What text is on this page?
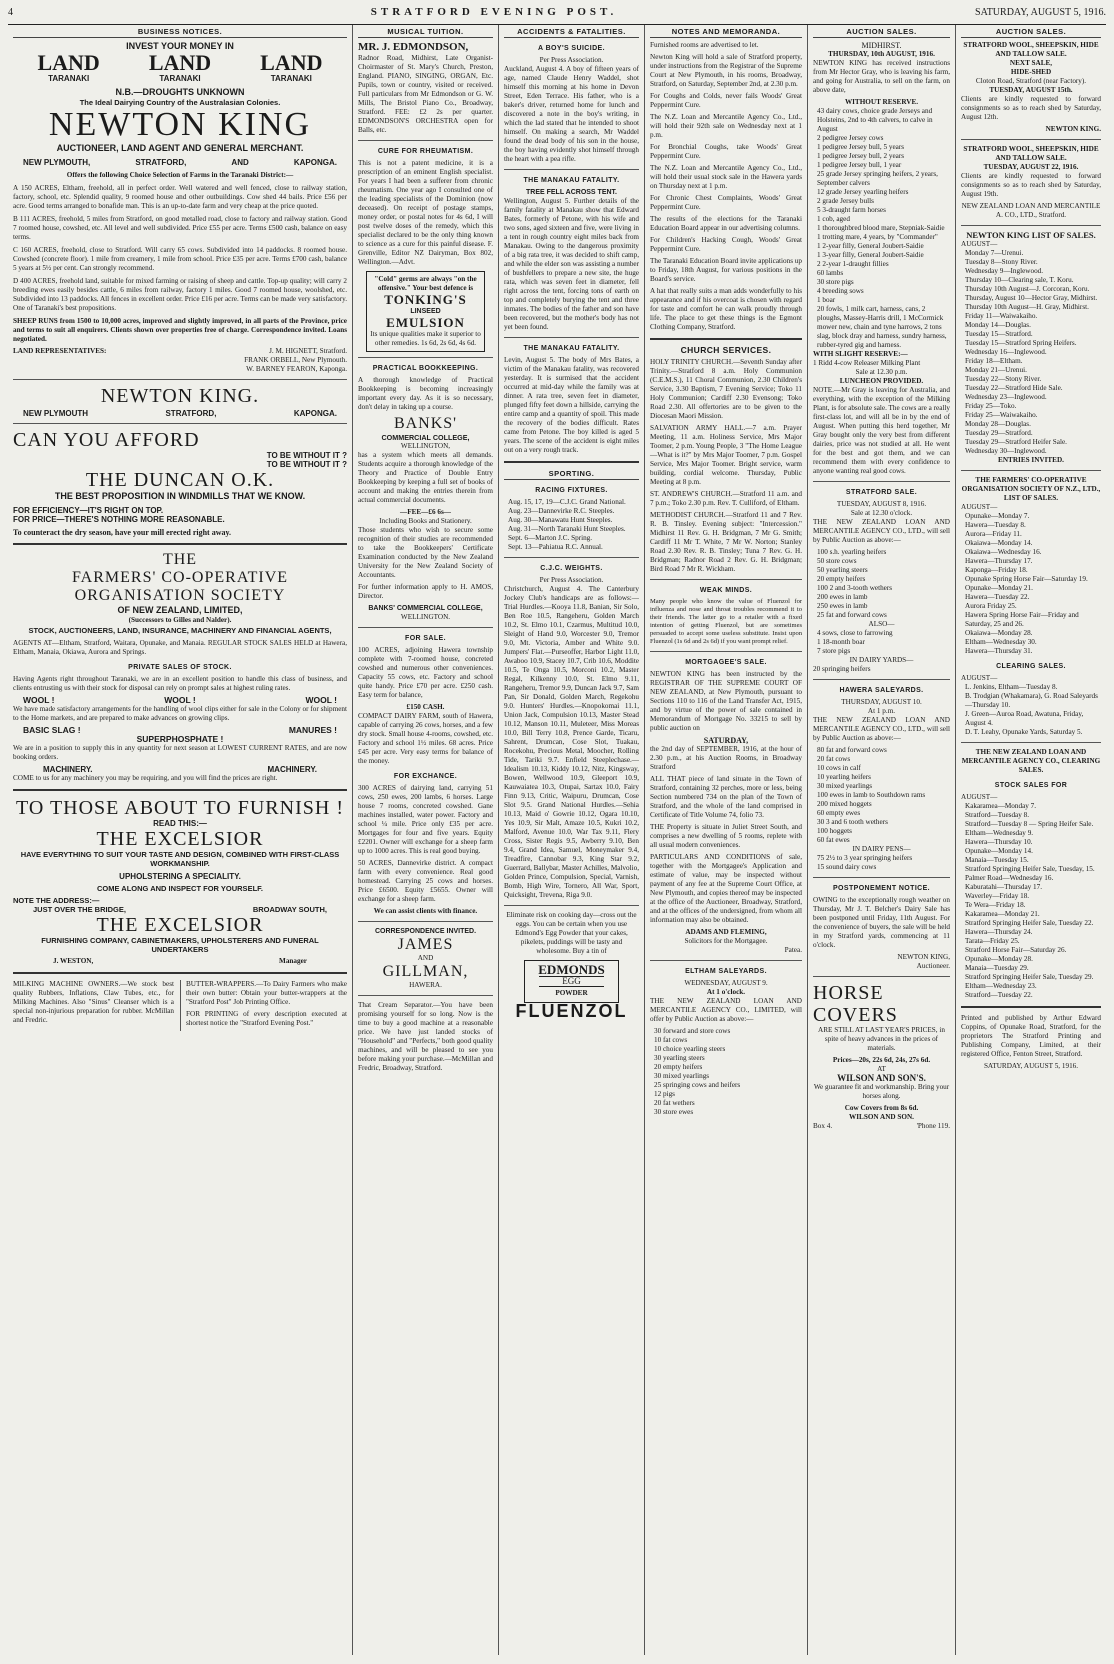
4	STRATFORD EVENING POST.	SATURDAY, AUGUST 5, 1916.
BUSINESS NOTICES.
INVEST YOUR MONEY IN
LAND LAND LAND
TARANAKI	TARANAKI	TARANAKI
N.B.—DROUGHTS UNKNOWN
The Ideal Dairying Country of the Australasian Colonies.
NEWTON KING
AUCTIONEER, LAND AGENT AND GENERAL MERCHANT.
NEW PLYMOUTH,	STRATFORD,	AND	KAPONGA.
Offers the following Choice Selection of Farms in the Taranaki District:—

A 150 ACRES, Eltham, freehold, all in perfect order. Well watered and well fenced, close to railway station, factory, school, etc. Splendid quality, 9 roomed house and other outbuildings. Cow shed 44 bails. Price £56 per acre. Good terms arranged to bonafide man. This is an up-to-date farm and very cheap at the price quoted.

B 111 ACRES, freehold, 5 miles from Stratford, on good metalled road, close to factory and railway station. Good 7 roomed house, cowshed, etc. All level and well subdivided. Price £55 per acre. Terms £500 cash, balance on easy terms.

C 160 ACRES, freehold, close to Stratford. Will carry 65 cows. Subdivided into 14 paddocks. 8 roomed house. Cowshed (concrete floor). 1 mile from creamery, 1 mile from school. Price £35 per acre. Terms £700 cash, balance 5 years at 5½ per cent. Can strongly recommend.

D 400 ACRES, freehold land, suitable for mixed farming or raising of sheep and cattle. Top-up quality; will carry 2 breeding ewes easily besides cattle, 6 miles from railway, factory 1 miles. Good 7 roomed house, woolshed, etc. Subdivided into 13 paddocks. All fences in excellent order. Price £16 per acre. Terms can be made very satisfactory. One of Taranaki's best propositions.

SHEEP RUNS from 1500 to 10,000 acres, improved and slightly improved, in all parts of the Province, price and terms to suit all enquirers. Clients shown over properties free of charge. Correspondence invited. Loans negotiated.

LAND REPRESENTATIVES:	J. M. HIGNETT, Stratford.
FRANK ORBELL, New Plymouth.
W. BARNEY FEARON, Kaponga.
NEWTON KING.
NEW PLYMOUTH	STRATFORD,	KAPONGA.
CAN YOU AFFORD
TO BE WITHOUT IT ?
TO BE WITHOUT IT ?
THE DUNCAN O.K.
THE BEST PROPOSITION IN WINDMILLS THAT WE KNOW.
FOR EFFICIENCY—IT'S RIGHT ON TOP.
FOR PRICE—THERE'S NOTHING MORE REASONABLE.
To counteract the dry season, have your mill erected right away.
THE
FARMERS' CO-OPERATIVE ORGANISATION SOCIETY
OF NEW ZEALAND, LIMITED,
(Successors to Gilles and Nalder).
STOCK, AUCTIONEERS, LAND, INSURANCE, MACHINERY AND FINANCIAL AGENTS,

AGENTS AT—Eltham, Stratford, Waitara, Opunake, and Manaia. REGULAR STOCK SALES HELD at Hawera, Eltham, Manaia, Okiawa, Aurora and Springs.

PRIVATE SALES OF STOCK.

Having Agents right throughout Taranaki, we are in an excellent position to handle this class of business, and clients entrusting us with their stock for disposal can rely on prompt sales at highest ruling rates.

WOOL !	WOOL !	WOOL !

We have made satisfactory arrangements for the handling of wool clips either for sale in the Colony or for shipment to the Home markets, and are prepared to make advances on growing clips.

BASIC SLAG !	MANURES !
SUPERPHOSPHATE !

We are in a position to supply this in any quantity for next season at LOWEST CURRENT RATES, and are now booking orders.

MACHINERY.	MACHINERY.

COME to us for any machinery you may be requiring, and you will find the prices are right.

TO THOSE ABOUT TO FURNISH !
READ THIS:—
THE EXCELSIOR
HAVE EVERYTHING TO SUIT YOUR TASTE AND DESIGN, COMBINED WITH FIRST-CLASS WORKMANSHIP.
UPHOLSTERING A SPECIALITY.
COME ALONG AND INSPECT FOR YOURSELF.
NOTE THE ADDRESS:—
JUST OVER THE BRIDGE,	BROADWAY SOUTH,
THE EXCELSIOR
FURNISHING COMPANY, CABINETMAKERS, UPHOLSTERERS AND FUNERAL UNDERTAKERS
J. WESTON,	Manager

MILKING MACHINE OWNERS.—We stock best quality Rubbers, Inflations, Claw Tubes, etc., for Milking Machines. Also "Sinus" Cleanser which is a special non-injurious preparation for rubber. McMillan and Fredric.

BUTTER-WRAPPERS.—To Dairy Farmers who make their own butter: Obtain your butter-wrappers at the "Stratford Post" Job Printing Office.

FOR PRINTING of every description executed at shortest notice the "Stratford Evening Post."

MUSICAL TUITION.
MR. J. EDMONDSON,

Radnor Road, Midhirst, Late Organist-Choirmaster of St. Mary's Church, Preston, England. PIANO, SINGING, ORGAN, Etc. Pupils, town or country, visited or received. Full particulars from Mr Edmondson or G. W. Mills, The Bristol Piano Co., Broadway, Stratford. FEE: £2 2s per quarter. EDMONDSON'S ORCHESTRA open for Balls, etc.

CURE FOR RHEUMATISM.

This is not a patent medicine, it is a prescription of an eminent English specialist. For years I had been a sufferer from chronic rheumatism. One year ago I consulted one of the leading specialists of the Dominion (now deceased). On receipt of postage stamps, money order, or postal notes for 4s 6d, I will post twelve doses of the remedy, which this specialist declared to be the only thing known to science as a cure for this painful disease. F. Grenville, Editor NZ Dairyman, Box 802, Wellington.—Advt.

"Cold" germs are always "on the offensive." Your best defence is
TONKING'S
LINSEED
EMULSION
Its unique qualities make it superior to other remedies. 1s 6d, 2s 6d, 4s 6d.
PRACTICAL BOOKKEEPING.

A thorough knowledge of Practical Bookkeeping is becoming increasingly important every day. As it is so necessary, don't delay in taking up a course.

BANKS'
COMMERCIAL COLLEGE,
WELLINGTON,

has a system which meets all demands. Students acquire a thorough knowledge of the Theory and Practice of Double Entry Bookkeeping by keeping a full set of books of account and making the entries therein from actual commercial documents.

—FEE—£6 6s—
Including Books and Stationery.

Those students who wish to secure some recognition of their studies are recommended to take the Bookkeepers' Certificate Examination conducted by the New Zealand University for the New Zealand Society of Accountants.

For further information apply to H. AMOS, Director.

BANKS' COMMERCIAL COLLEGE,
WELLINGTON.
FOR SALE.

100 ACRES, adjoining Hawera township complete with 7-roomed house, concreted cowshed and numerous other conveniences. Capacity 55 cows, etc. Factory and school quite handy. Price £70 per acre. £250 cash. Easy term for balance,

£150 CASH.

COMPACT DAIRY FARM, south of Hawera, capable of carrying 26 cows, horses, and a few dry stock. Small house 4-rooms, cowshed, etc. Factory and school 1½ miles. 68 acres. Price £45 per acre. Very easy terms for balance of the money.

FOR EXCHANCE.

300 ACRES of dairying land, carrying 51 cows, 250 ewes, 200 lambs, 6 horses. Large house 7 rooms, concreted cowshed. Gane machines installed, water power. Factory and school ¼ mile. Price only £35 per acre. Mortgages for four and five years. Equity £2201. Owner will exchange for a sheep farm up to 1000 acres. This is real good buying.

50 ACRES, Dannevirke district. A compact farm with every convenience. Real good homestead. Carrying 25 cows and horses. Price £6500. Equity £5655. Owner will exchange for a sheep farm.

We can assist clients with finance.
CORRESPONDENCE INVITED.
JAMES
AND
GILLMAN,
HAWERA.

That Cream Separator.—You have been promising yourself for so long. Now is the time to buy a good machine at a reasonable price. We have just landed stocks of "Household" and "Perfects," both good quality machines, and will be pleased to see you before making your purchase.—McMillan and Fredric, Broadway, Stratford.

ACCIDENTS & FATALITIES.
A BOY'S SUICIDE.
Per Press Association.

Auckland, August 4. A boy of fifteen years of age, named Claude Henry Waddel, shot himself this morning at his home in Devon Street, Eden Terrace. His father, who is a baker's driver, returned home for lunch and discovered a note in the boy's writing, in which the lad stated that he intended to shoot himself. On making a search, Mr Waddel found the dead body of his son in the house, the boy having evidently shot himself through the heart with a pea rifle.

THE MANAKAU FATALITY.
TREE FELL ACROSS TENT.

Wellington, August 5. Further details of the family fatality at Manakau show that Edward Bates, formerly of Petone, with his wife and two sons, aged sixteen and five, were living in a tent in rough country eight miles back from Manakau. Owing to the dangerous proximity of a big rata tree, it was decided to shift camp, and while the elder son was assisting a number of bushfellers to prepare a new site, the huge rata, which was seven feet in diameter, fell right across the tent, forcing tons of earth on top and completely burying the tent and three inmates. The bodies of the father and son have been recovered, but the mother's body has not yet been found.

THE MANAKAU FATALITY.

Levin, August 5. The body of Mrs Bates, a victim of the Manakau fatality, was recovered yesterday. It is surmised that the accident occurred at mid-day while the family was at dinner. A rata tree, seven feet in diameter, plunged fifty feet down a hillside, carrying the entire camp and a quantity of spoil. This made the recovery of the bodies difficult. Rates came from Petone. The boy killed is aged 5 years. The scene of the accident is eight miles out on a very rough track.

SPORTING.
RACING FIXTURES.
Aug. 15, 17, 19—C.J.C. Grand National.
Aug. 23—Dannevirke R.C. Steeples.
Aug. 30—Manawatu Hunt Steeples.
Aug. 31—North Taranaki Hunt Steeples.
Sept. 6—Marton J.C. Spring.
Sept. 13—Pahiatua R.C. Annual.
C.J.C. WEIGHTS.
Per Press Association.

Christchurch, August 4. The Canterbury Jockey Club's handicaps are as follows:— Trial Hurdles.—Kooya 11.8, Banian, Sir Solo, Ben Roe 10.5, Rangeheru, Golden March 10.2, St. Elmo 10.1, Czarmus, Multitud 10.0, Sleight of Hand 9.0, Worcester 9.0, Tremor 9.0, Mt. Victoria, Amber and White 9.0. Jumpers' Flat.—Purseoffer, Harbor Light 11.0, Awaboo 10.9, Stacey 10.7, Crib 10.6, Moddite 10.5, Te Onga 10.5, Morconi 10.2, Master Regal, Kilkenny 10.0, St. Elmo 9.11, Rangeheru, Tremor 9.9, Duncan Jack 9.7, Sam Pan, Sir Donald, Golden March, Regekohu 9.0. Hunters' Hurdles.—Knopokomai 11.1, Union Jack, Compulsion 10.13, Master Stead 10.12, Manson 10.11, Muleteer, Miss Moreas 10.0, Bill Terry 10.8, Prence Garde, Ticaru, Sahrent, Drumcan, Cose Slot, Tuakau, Rocekohu, Precious Metal, Moocher, Rolling Tide, Tariki 9.7. Enfield Steeplechase.—Idealism 10.13, Kiddy 10.12, Nitz, Kingsway, Bowen, Wellwood 10.9, Gleeport 10.9, Kauwaiatea 10.3, Otupai, Sartax 10.0, Fairy Finn 9.13, Critic, Waipuru, Drumcan, Cose Slot 9.5. Grand National Hurdles.—Sehia 10.13, Maid o' Gowrie 10.12, Ogara 10.10, Yes 10.9, Sir Malt, Amaze 10.5, Kukri 10.2, Malford, Avenue 10.0, War Tax 9.11, Flery Cross, Sister Regis 9.5, Awberry 9.10, Ben 9.4, Grand Idea, Samuel, Moneymaker 9.4, Treadfire, Cannobar 9.3, King Star 9.2, Guerrard, Ballybar, Master Achilles, Malvolio, Golden Prince, Compulsion, Special, Varnish, Bomb, High Wire, Tornero, All War, Sport, Quicksight, Trevena, Riga 9.0.

Eliminate risk on cooking day—cross out the eggs. You can be certain when you use Edmond's Egg Powder that your cakes, pikelets, puddings will be tasty and wholesome. Buy a tin of

EDMONDS
EGG
POWDER
FLUENZOL
NOTES AND MEMORANDA.

Furnished rooms are advertised to let.

Newton King will hold a sale of Stratford property, under instructions from the Registrar of the Supreme Court at New Plymouth, in his rooms, Broadway, Stratford, on Saturday, September 2nd, at 2.30 p.m.

For Coughs and Colds, never fails Woods' Great Peppermint Cure.

The N.Z. Loan and Mercantile Agency Co., Ltd., will hold their 92th sale on Wednesday next at 1 p.m.

For Bronchial Coughs, take Woods' Great Peppermint Cure.

The N.Z. Loan and Mercantile Agency Co., Ltd., will hold their usual stock sale in the Hawera yards on Thursday next at 1 p.m.

For Chronic Chest Complaints, Woods' Great Peppermint Cure.

The results of the elections for the Taranaki Education Board appear in our advertising columns.

For Children's Hacking Cough, Woods' Great Peppermint Cure.

The Taranaki Education Board invite applications up to Friday, 18th August, for various positions in the Board's service.

A hat that really suits a man adds wonderfully to his appearance and if his overcoat is chosen with regard for taste and comfort he can walk proudly through life. The place to get these things is the Egmont Clothing Company, Stratford.

CHURCH SERVICES.

HOLY TRINITY CHURCH.—Seventh Sunday after Trinity.—Stratford 8 a.m. Holy Communion (C.E.M.S.), 11 Choral Communion, 2.30 Children's Service, 3.30 Baptism, 7 Evening Service; Toko 11 Holy Communion; Cardiff 2.30 Evensong; Toko Road 2.30. All offertories are to be given to the Diocesan Maori Mission.

SALVATION ARMY HALL.—7 a.m. Prayer Meeting, 11 a.m. Holiness Service, Mrs Major Toomer, 2 p.m. Young People, 3 "The Home League—What is it?" by Mrs Major Toomer, 7 p.m. Gospel Service, Mrs Major Toomer. Bright service, warm building, cordial welcome. Thursday, Public Meeting at 8 p.m.

ST. ANDREW'S CHURCH.—Stratford 11 a.m. and 7 p.m.; Toko 2.30 p.m. Rev. T. Culliford, of Eltham.

METHODIST CHURCH.—Stratford 11 and 7 Rev. R. B. Tinsley. Evening subject: "Intercession." Midhirst 11 Rev. G. H. Bridgman, 7 Mr G. Smith; Cardiff 11 Mr T. White, 7 Mr W. Norton; Stanley Road 2.30 Rev. R. B. Tinsley; Tuna 7 Rev. G. H. Bridgman; Radnor Road 2 Rev. G. H. Bridgman; Bird Road 7 Mr R. Wickham.

WEAK MINDS.

Many people who know the value of Fluenzol for influenza and nose and throat troubles recommend it to their friends. The latter go to a retailer with a fixed intention of getting Fluenzol, but are sometimes persuaded to accept some useless substitute. Insist upon Fluenzol (1s 6d and 2s 6d) if you want prompt relief.

MORTGAGEE'S SALE.

NEWTON KING has been instructed by the REGISTRAR OF THE SUPREME COURT OF NEW ZEALAND, at New Plymouth, pursuant to Sections 110 to 116 of the Land Transfer Act, 1915, and by virtue of the power of sale contained in Memorandum of Mortgage No. 33215 to sell by public auction on

SATURDAY,

the 2nd day of SEPTEMBER, 1916, at the hour of 2.30 p.m., at his Auction Rooms, in Broadway Stratford

ALL THAT piece of land situate in the Town of Stratford, containing 32 perches, more or less, being Section numbered 734 on the plan of the Town of Stratford, and the whole of the land comprised in Certificate of Title Volume 74, folio 73.

THE Property is situate in Juliet Street South, and comprises a new dwelling of 5 rooms, replete with all usual modern conveniences.

PARTICULARS AND CONDITIONS of sale, together with the Mortgagee's Application and estimate of value, may be inspected without payment of any fee at the Supreme Court Office, at New Plymouth, and copies thereof may be inspected at the office of the Auctioneer, Broadway, Stratford, and at the offices of the undersigned, from whom all information may also be obtained.

ADAMS AND FLEMING,
Solicitors for the Mortgagee.
Patea.
ELTHAM SALEYARDS.
WEDNESDAY, AUGUST 9.
At 1 o'clock.

THE NEW ZEALAND LOAN AND MERCANTILE AGENCY CO., LIMITED, will offer by Public Auction as above:—

30 forward and store cows
10 fat cows
10 choice yearling steers
30 yearling steers
20 empty heifers
30 mixed yearlings
25 springing cows and heifers
12 pigs
20 fat wethers
30 store ewes
AUCTION SALES.
MIDHIRST.
THURSDAY, 10th AUGUST, 1916.

NEWTON KING has received instructions from Mr Hector Gray, who is leaving his farm, and going for Australia, to sell on the farm, on above date,

WITHOUT RESERVE.
43 dairy cows, choice grade Jerseys and Holsteins, 2nd to 4th calvers, to calve in August
2 pedigree Jersey cows
1 pedigree Jersey bull, 5 years
1 pedigree Jersey bull, 2 years
1 pedigree Jersey bull, 1 year
25 grade Jersey springing heifers, 2 years, September calvers
12 grade Jersey yearling heifers
2 grade Jersey bulls
5 3-draught farm horses
1 cob, aged
1 thoroughbred blood mare, Stepniak-Saidie
1 trotting mare, 4 years, by "Commander"
1 2-year filly, General Joubert-Saidie
1 3-year filly, General Joubert-Saidie
2 2-year 1-draught fillies
60 lambs
30 store pigs
4 breeding sows
1 boar
20 fowls, 1 milk cart, harness, cans, 2 ploughs, Massey-Harris drill, 1 McCormick mower new, chain and tyne harrows, 2 tons slag, block dray and harness, sundry harness, rubber-tyred gig and harness.
WITH SLIGHT RESERVE:—
1 Ridd 4-cow Releaser Milking Plant
Sale at 12.30 p.m.
LUNCHEON PROVIDED.

NOTE.—Mr Gray is leaving for Australia, and everything, with the exception of the Milking Plant, is for absolute sale. The cows are a really first-class lot, and will all be in by the end of August. When putting this herd together, Mr Gray bought only the very best from different dairies, price was not studied at all. He went for the best and got them, and we can recommend them with every confidence to anyone wanting real good cows.

STRATFORD SALE.
TUESDAY, AUGUST 8, 1916.
Sale at 12.30 o'clock.

THE NEW ZEALAND LOAN AND MERCANTILE AGENCY CO., LTD., will sell by Public Auction as above:—

100 s.h. yearling heifers
50 store cows
50 yearling steers
20 empty heifers
100 2 and 3-tooth wethers
200 ewes in lamb
250 ewes in lamb
25 fat and forward cows
ALSO—
4 sows, close to farrowing
1 18-month boar
7 store pigs
IN DAIRY YARDS—
20 springing heifers
HAWERA SALEYARDS.
THURSDAY, AUGUST 10.
At 1 p.m.

THE NEW ZEALAND LOAN AND MERCANTILE AGENCY CO., LTD., will sell by Public Auction as above:—

80 fat and forward cows
20 fat cows
10 cows in calf
10 yearling heifers
30 mixed yearlings
100 ewes in lamb to Southdown rams
200 mixed hoggets
60 empty ewes
30 3 and 6 tooth wethers
100 hoggets
60 fat ewes
IN DAIRY PENS—
75 2½ to 3 year springing heifers
15 sound dairy cows
POSTPONEMENT NOTICE.

OWING to the exceptionally rough weather on Thursday, Mr J. T. Belcher's Dairy Sale has been postponed until Friday, 11th August. For the convenience of buyers, the sale will be held in my Stratford yards, commencing at 11 o'clock.

NEWTON KING,
Auctioneer.
HORSE
COVERS

ARE STILL AT LAST YEAR'S PRICES, in spite of heavy advances in the prices of materials.

Prices—20s, 22s 6d, 24s, 27s 6d.
AT
WILSON AND SON'S.

We guarantee fit and workmanship. Bring your horses along.

Cow Covers from 8s 6d.
WILSON AND SON.
Box 4.	'Phone 119.
AUCTION SALES.
STRATFORD WOOL, SHEEPSKIN, HIDE AND TALLOW SALE.
NEXT SALE,
HIDE-SHED
Cloton Road, Stratford (near Factory).
TUESDAY, AUGUST 15th.

Clients are kindly requested to forward consignments so as to reach shed by Saturday, August 12th.

NEWTON KING.
STRATFORD WOOL, SHEEPSKIN, HIDE AND TALLOW SALE.
TUESDAY, AUGUST 22, 1916.

Clients are kindly requested to forward consignments so as to reach shed by Saturday, August 19th.

NEW ZEALAND LOAN AND MERCANTILE A. CO., LTD., Stratford.
NEWTON KING LIST OF SALES.
AUGUST—
Monday 7—Urenui.
Tuesday 8—Stony River.
Wednesday 9—Inglewood.
Thursday 10—Clearing sale, T. Koru.
Thursday 10th August—J. Corcoran, Koru.
Thursday, August 10—Hector Gray, Midhirst.
Thursday 10th August—H. Gray, Midhirst.
Friday 11—Waiwakaiho.
Monday 14—Douglas.
Tuesday 15—Stratford.
Tuesday 15—Stratford Spring Heifers.
Wednesday 16—Inglewood.
Friday 18—Eltham.
Monday 21—Urenui.
Tuesday 22—Stony River.
Tuesday 22—Stratford Hide Sale.
Wednesday 23—Inglewood.
Friday 25—Toko.
Friday 25—Waiwakaiho.
Monday 28—Douglas.
Tuesday 29—Stratford.
Tuesday 29—Stratford Heifer Sale.
Wednesday 30—Inglewood.
ENTRIES INVITED.
THE FARMERS' CO-OPERATIVE ORGANISATION SOCIETY OF N.Z., LTD., LIST OF SALES.
AUGUST—
Opunake—Monday 7.
Hawera—Tuesday 8.
Aurora—Friday 11.
Okaiawa—Monday 14.
Okaiawa—Wednesday 16.
Hawera—Thursday 17.
Kaponga—Friday 18.
Opunake Spring Horse Fair—Saturday 19.
Opunake—Monday 21.
Hawera—Tuesday 22.
Aurora Friday 25.
Hawera Spring Horse Fair—Friday and Saturday, 25 and 26.
Okaiawa—Monday 28.
Eltham—Wednesday 30.
Hawera—Thursday 31.
CLEARING SALES.
AUGUST—
L. Jenkins, Eltham—Tuesday 8.
B. Trodgian (Whakamara), G. Road Saleyards—Thursday 10.
J. Green—Auroa Road, Awatuna, Friday, August 4.
D. T. Leahy, Opunake Yards, Saturday 5.
THE NEW ZEALAND LOAN AND MERCANTILE AGENCY CO., CLEARING SALES.
STOCK SALES FOR
AUGUST—
Kakaramea—Monday 7.
Stratford—Tuesday 8.
Stratford—Tuesday 8 — Spring Heifer Sale.
Eltham—Wednesday 9.
Hawera—Thursday 10.
Opunake—Monday 14.
Manaia—Tuesday 15.
Stratford Springing Heifer Sale, Tuesday, 15.
Palmer Road—Wednesday 16.
Kaburatahi—Thursday 17.
Waverley—Friday 18.
Te Wera—Friday 18.
Kakaramea—Monday 21.
Stratford Springing Heifer Sale, Tuesday 22.
Hawera—Thursday 24.
Tarata—Friday 25.
Stratford Horse Fair—Saturday 26.
Opunake—Monday 28.
Manaia—Tuesday 29.
Stratford Springing Heifer Sale, Tuesday 29.
Eltham—Wednesday 23.
Stratford—Tuesday 22.

Printed and published by Arthur Edward Coppins, of Opunake Road, Stratford, for the proprietors The Stratford Printing and Publishing Company, Limited, at their registered Office, Fenton Street, Stratford.

SATURDAY, AUGUST 5, 1916.
